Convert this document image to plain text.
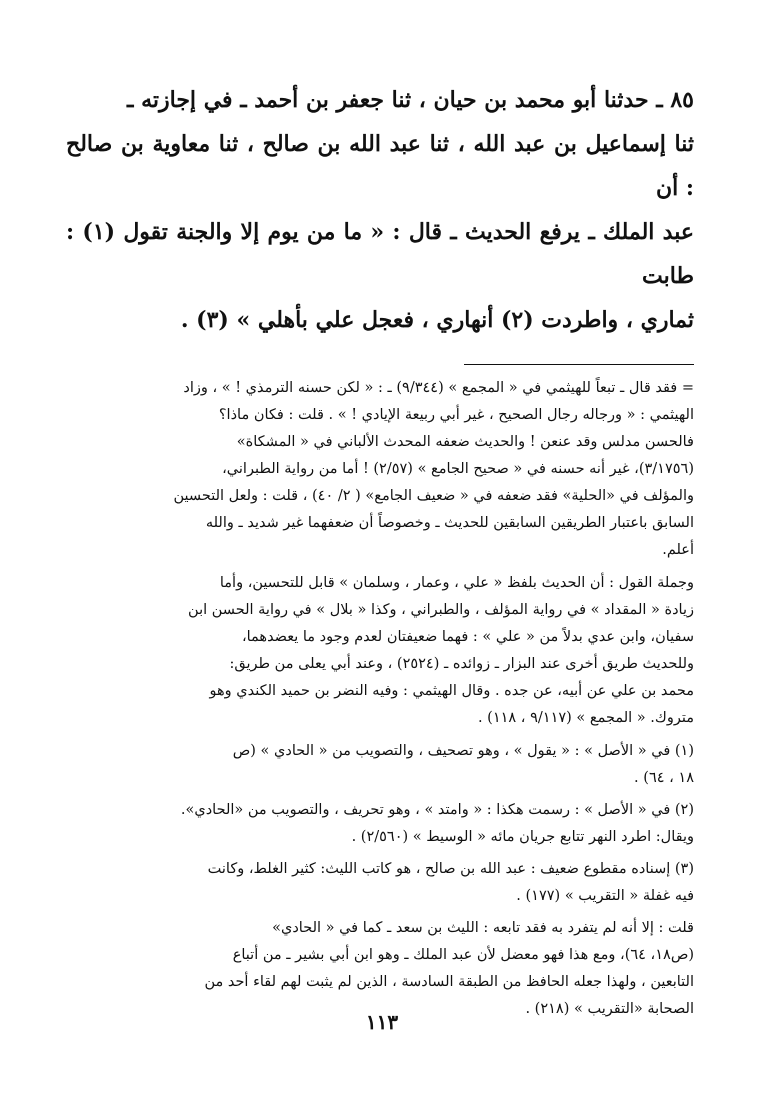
٨٥ ـ حدثنا أبو محمد بن حيان ، ثنا جعفر بن أحمد ـ في إجازته ـ
ثنا إسماعيل بن عبد الله ، ثنا عبد الله بن صالح ، ثنا معاوية بن صالح : أن
عبد الملك ـ يرفع الحديث ـ قال : « ما من يوم إلا والجنة تقول (١) : طابت
ثماري ، واطردت (٢) أنهاري ، فعجل علي بأهلي » (٣) .

= فقد قال ـ تبعاً للهيثمي في « المجمع » (٩/٣٤٤) ـ : « لكن حسنه الترمذي ! » ، وزاد

الهيثمي : « ورجاله رجال الصحيح ، غير أبي ربيعة الإيادي ! » . قلت : فكان ماذا؟

فالحسن مدلس وقد عنعن ! والحديث ضعفه المحدث الألباني في « المشكاة»

(٣/١٧٥٦)، غير أنه حسنه في « صحيح الجامع » (٢/٥٧) ! أما من رواية الطبراني،

والمؤلف في «الحلية» فقد ضعفه في « ضعيف الجامع» ( ٢/ ٤٠) ، قلت : ولعل التحسين

السابق باعتبار الطريقين السابقين للحديث ـ وخصوصاً أن ضعفهما غير شديد ـ والله

أعلم.

وجملة القول : أن الحديث بلفظ « علي ، وعمار ، وسلمان » قابل للتحسين، وأما

زيادة « المقداد » في رواية المؤلف ، والطبراني ، وكذا « بلال » في رواية الحسن ابن

سفيان، وابن عدي بدلاً من « علي » : فهما ضعيفتان لعدم وجود ما يعضدهما،

وللحديث طريق أخرى عند البزار ـ زوائده ـ (٢٥٢٤) ، وعند أبي يعلى من طريق:

محمد بن علي عن أبيه، عن جده . وقال الهيثمي : وفيه النضر بن حميد الكندي وهو

متروك. « المجمع » (٩/١١٧ ، ١١٨) .

(١) في « الأصل » : « يقول » ، وهو تصحيف ، والتصويب من « الحادي » (ص

١٨ ، ٦٤) .

(٢) في « الأصل » : رسمت هكذا : « وامتد » ، وهو تحريف ، والتصويب من «الحادي».

ويقال: اطرد النهر تتابع جريان مائه « الوسيط » (٢/٥٦٠) .

(٣) إسناده مقطوع ضعيف : عبد الله بن صالح ، هو كاتب الليث: كثير الغلط، وكانت

فيه غفلة « التقريب » (١٧٧) .

قلت : إلا أنه لم يتفرد به فقد تابعه : الليث بن سعد ـ كما في « الحادي»

(ص١٨، ٦٤)، ومع هذا فهو معضل لأن عبد الملك ـ وهو ابن أبي بشير ـ من أتباع

التابعين ، ولهذا جعله الحافظ من الطبقة السادسة ، الذين لم يثبت لهم لقاء أحد من

الصحابة «التقريب » (٢١٨) .

١١٣
